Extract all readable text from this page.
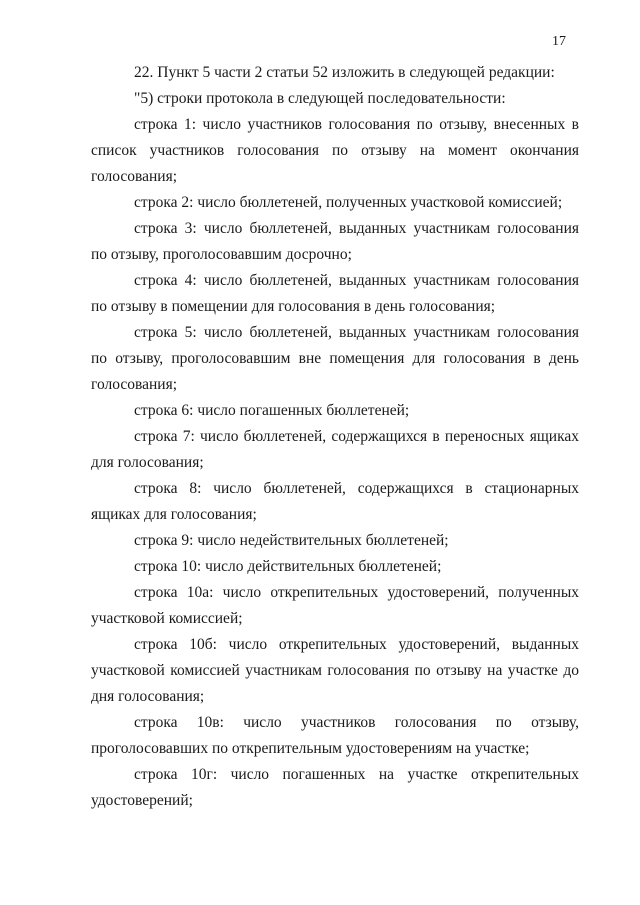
17

22. Пункт 5 части 2 статьи 52 изложить в следующей редакции:

"5) строки протокола в следующей последовательности:

строка 1: число участников голосования по отзыву, внесенных в список участников голосования по отзыву на момент окончания голосования;

строка 2: число бюллетеней, полученных участковой комиссией;

строка 3: число бюллетеней, выданных участникам голосования по отзыву, проголосовавшим досрочно;

строка 4: число бюллетеней, выданных участникам голосования по отзыву в помещении для голосования в день голосования;

строка 5: число бюллетеней, выданных участникам голосования по отзыву, проголосовавшим вне помещения для голосования в день голосования;

строка 6: число погашенных бюллетеней;

строка 7: число бюллетеней, содержащихся в переносных ящиках для голосования;

строка 8: число бюллетеней, содержащихся в стационарных ящиках для голосования;

строка 9: число недействительных бюллетеней;

строка 10: число действительных бюллетеней;

строка 10а: число открепительных удостоверений, полученных участковой комиссией;

строка 10б: число открепительных удостоверений, выданных участковой комиссией участникам голосования по отзыву на участке до дня голосования;

строка 10в: число участников голосования по отзыву, проголосовавших по открепительным удостоверениям на участке;

строка 10г: число погашенных на участке открепительных удостоверений;
